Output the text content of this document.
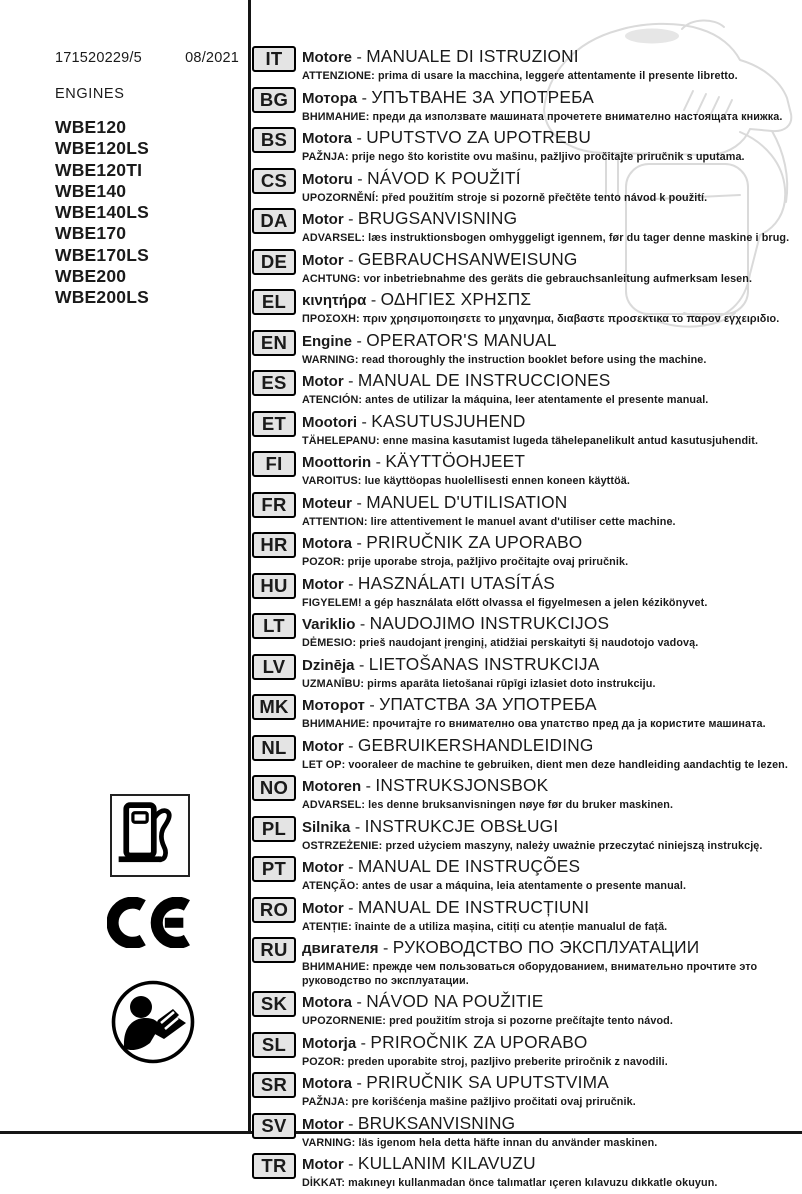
171520229/5	08/2021
ENGINES
WBE120
WBE120LS
WBE120TI
WBE140
WBE140LS
WBE170
WBE170LS
WBE200
WBE200LS
IT	Motore - MANUALE DI ISTRUZIONI
ATTENZIONE: prima di usare la macchina, leggere attentamente il presente libretto.
BG Мотора - УПЪТВАНЕ ЗА УПОТРЕБА
ВНИМАНИЕ: преди да използвате машината прочетете внимателно настоящата книжка.
BS Motora - UPUTSTVO ZA UPOTREBU
PAŽNJA: prije nego što koristite ovu mašinu, pažljivo pročitajte priručnik s uputama.
CS Motoru - NÁVOD K POUŽITÍ
UPOZORNĚNÍ: před použitím stroje si pozorně přečtěte tento návod k použití.
DA Motor - BRUGSANVISNING
ADVARSEL: læs instruktionsbogen omhyggeligt igennem, før du tager denne maskine i brug.
DE Motor - GEBRAUCHSANWEISUNG
ACHTUNG: vor inbetriebnahme des geräts die gebrauchsanleitung aufmerksam lesen.
EL	κινητήρα - ΟΔΗΓΙΕΣ ΧΡΗΣΠΣ
ΠΡΟΣΟΧΗ: πριν χρησιμοποιησετε το μηχανημα, διαβαστε προσεκτικα το παρον εγχειριδιο.
EN Engine - OPERATOR'S MANUAL
WARNING: read thoroughly the instruction booklet before using the machine.
ES	Motor - MANUAL DE INSTRUCCIONES
ATENCIÓN: antes de utilizar la máquina, leer atentamente el presente manual.
ET	Mootori - KASUTUSJUHEND
TÄHELEPANU: enne masina kasutamist lugeda tähelepanelikult antud kasutusjuhendit.
FI	Moottorin - KÄYTTÖOHJEET
VAROITUS: lue käyttöopas huolellisesti ennen koneen käyttöä.
FR	Moteur - MANUEL D'UTILISATION
ATTENTION: lire attentivement le manuel avant d'utiliser cette machine.
HR Motora - PRIRUČNIK ZA UPORABO
POZOR: prije uporabe stroja, pažljivo pročitajte ovaj priručnik.
HU Motor - HASZNÁLATI UTASÍTÁS
FIGYELEM! a gép használata előtt olvassa el figyelmesen a jelen kézikönyvet.
LT	Variklio - NAUDOJIMO INSTRUKCIJOS
DĖMESIO: prieš naudojant įrenginį, atidžiai perskaityti šį naudotojo vadovą.
LV	Dzinēja - LIETOŠANAS INSTRUKCIJA
UZMANĪBU: pirms aparāta lietošanai rūpīgi izlasiet doto instrukciju.
MK Моторот - УПАТСТВА ЗА УПОТРЕБА
ВНИМАНИЕ: прочитајте го внимателно ова упатство пред да ја користите машината.
NL	Motor - GEBRUIKERSHANDLEIDING
LET OP: vooraleer de machine te gebruiken, dient men deze handleiding aandachtig te lezen.
NO Motoren - INSTRUKSJONSBOK
ADVARSEL: les denne bruksanvisningen nøye før du bruker maskinen.
PL	Silnika - INSTRUKCJE OBSŁUGI
OSTRZEŻENIE: przed użyciem maszyny, należy uważnie przeczytać niniejszą instrukcję.
PT	Motor - MANUAL DE INSTRUÇÕES
ATENÇÃO: antes de usar a máquina, leia atentamente o presente manual.
RO Motor - MANUAL DE INSTRUCȚIUNI
ATENȚIE: înainte de a utiliza mașina, citiți cu atenție manualul de față.
RU двигателя - РУКОВОДСТВО ПО ЭКСПЛУАТАЦИИ
ВНИМАНИЕ: прежде чем пользоваться оборудованием, внимательно прочтите это руководство по эксплуатации.
SK Motora - NÁVOD NA POUŽITIE
UPOZORNENIE: pred použitím stroja si pozorne prečítajte tento návod.
SL	Motorja - PRIROČNIK ZA UPORABO
POZOR: preden uporabite stroj, pazljivo preberite priročnik z navodili.
SR Motora - PRIRUČNIK SA UPUTSTVIMA
PAŽNJA: pre korišćenja mašine pažljivo pročitati ovaj priručnik.
SV	Motor - BRUKSANVISNING
VARNING: läs igenom hela detta häfte innan du använder maskinen.
TR	Motor - KULLANIM KILAVUZU
DİKKAT: makıneyı kullanmadan önce talımatlar ıçeren kılavuzu dıkkatle okuyun.
